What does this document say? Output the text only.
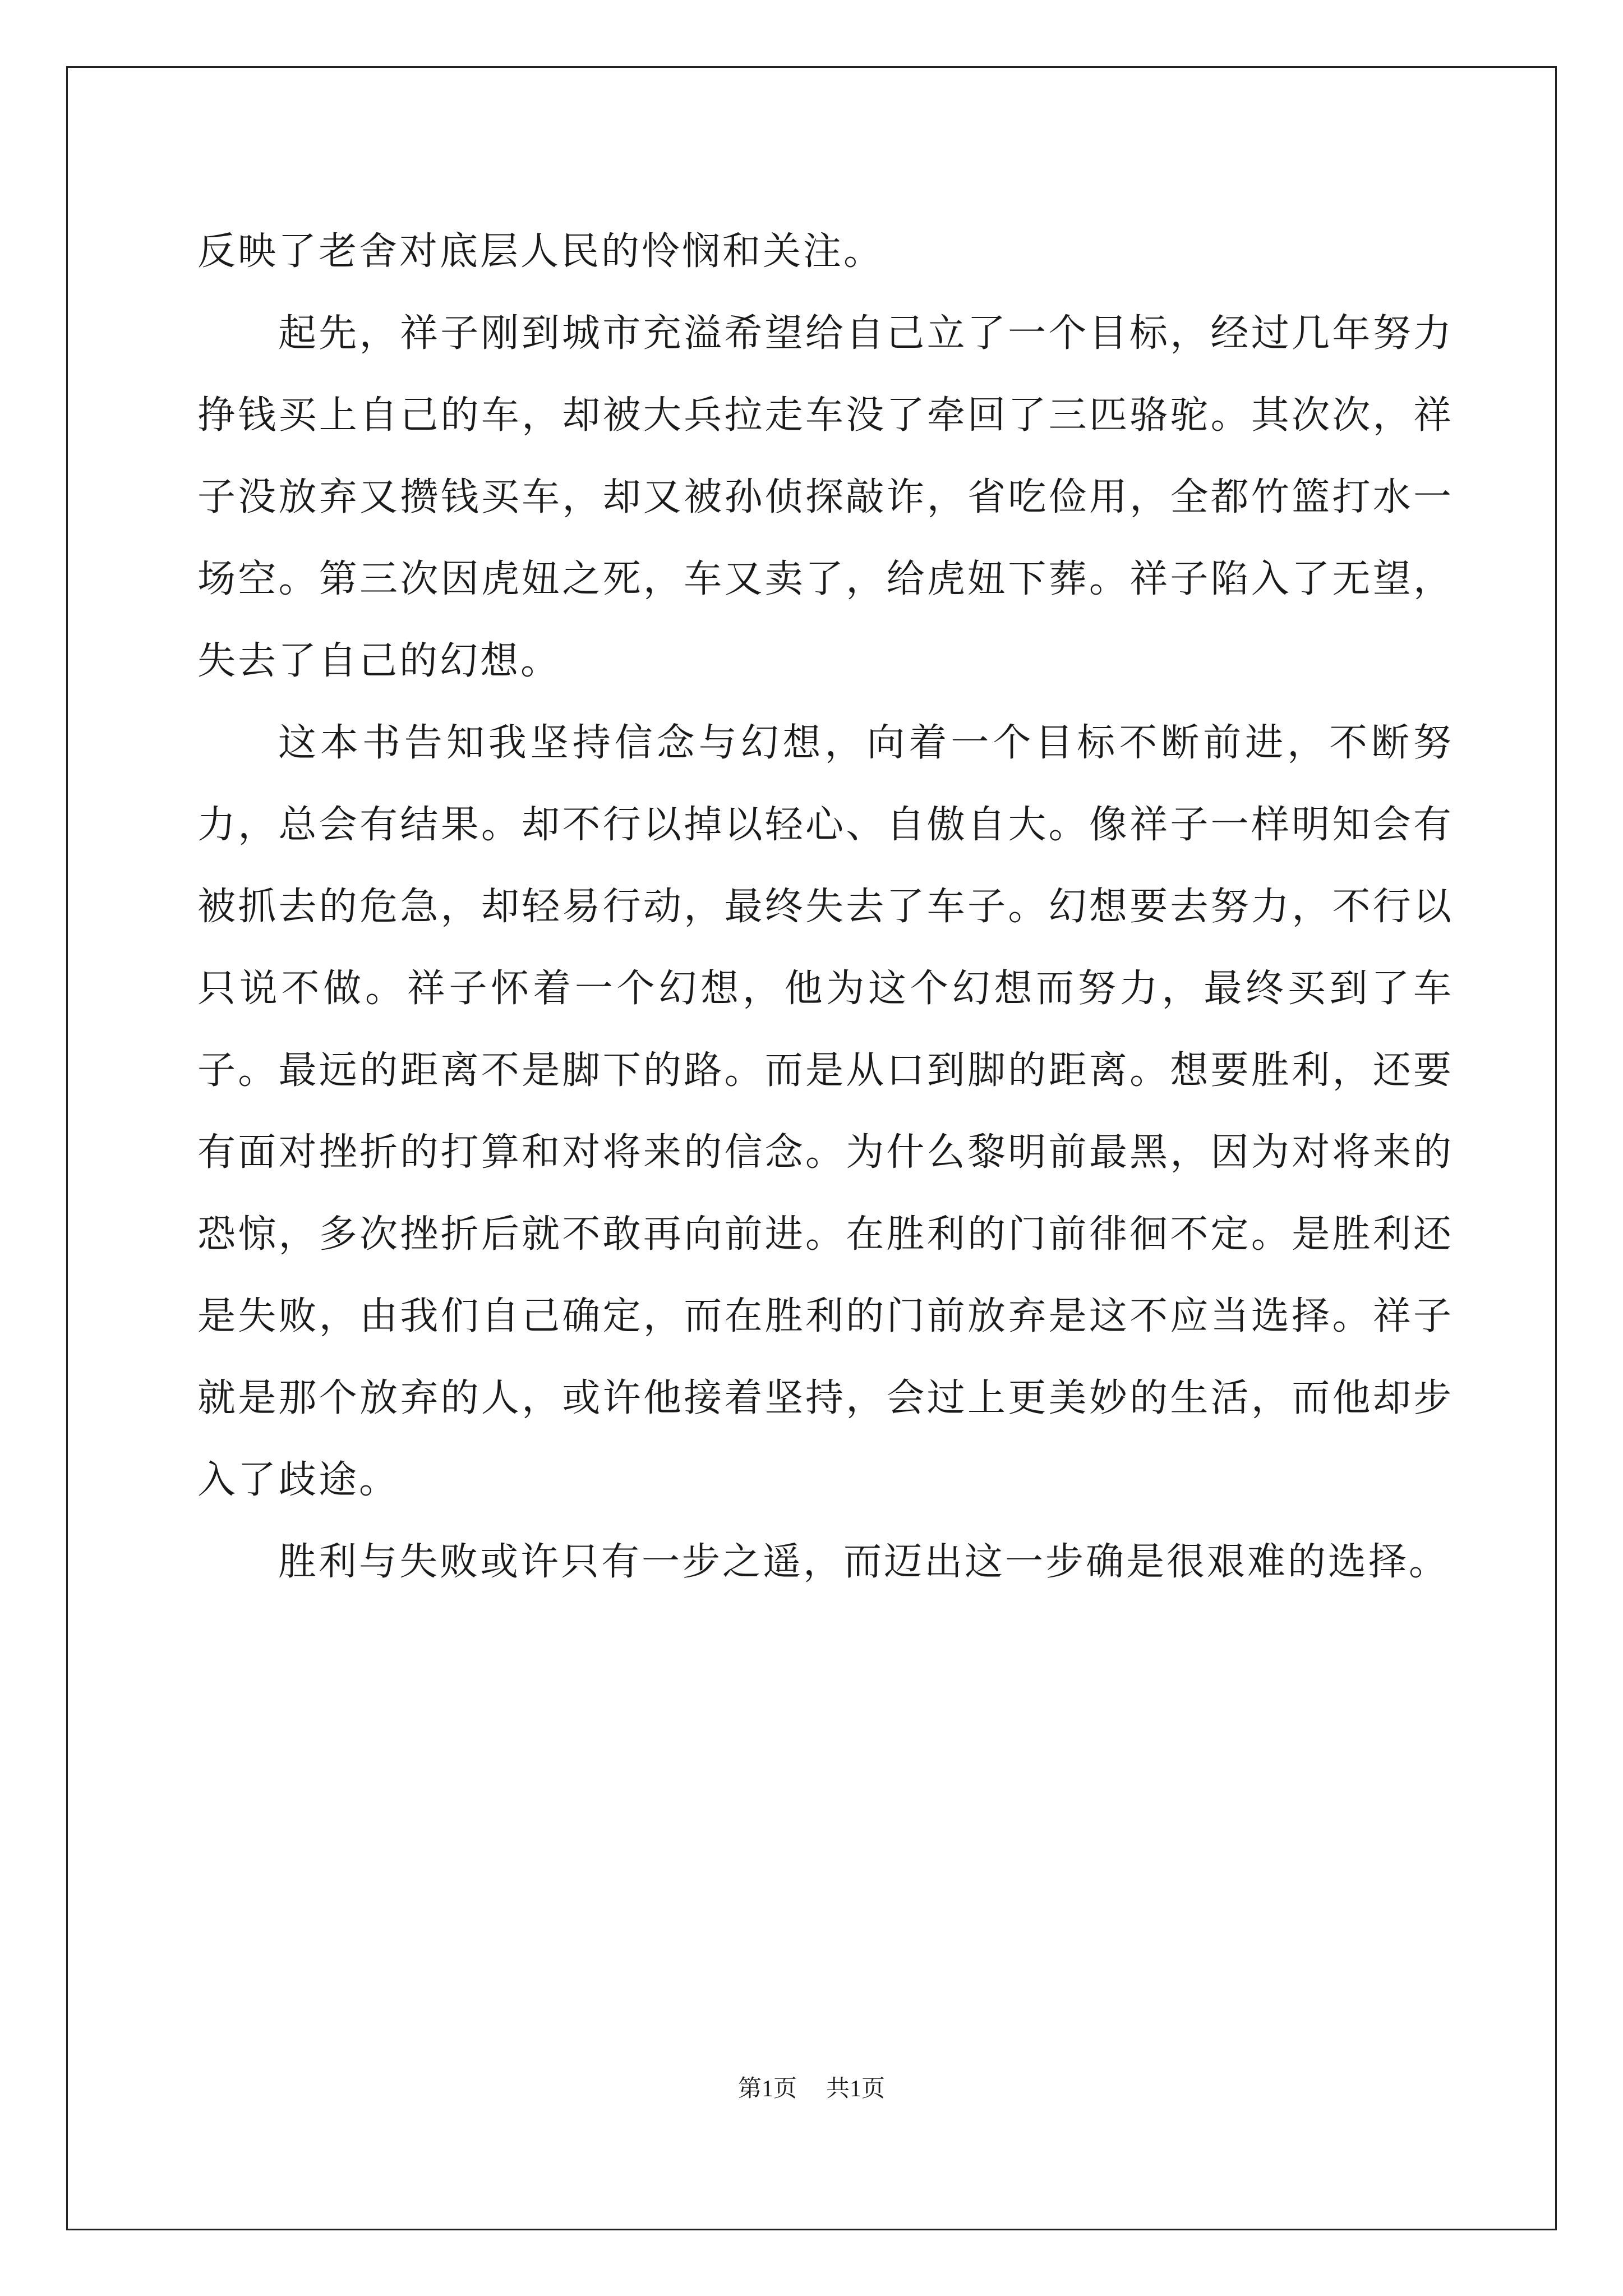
反映了老舍对底层人民的怜悯和关注。

起先，祥子刚到城市充溢希望给自己立了一个目标，经过几年努力挣钱买上自己的车，却被大兵拉走车没了牵回了三匹骆驼。其次次，祥子没放弃又攒钱买车，却又被孙侦探敲诈，省吃俭用，全都竹篮打水一场空。第三次因虎妞之死，车又卖了，给虎妞下葬。祥子陷入了无望，失去了自己的幻想。

这本书告知我坚持信念与幻想，向着一个目标不断前进，不断努力，总会有结果。却不行以掉以轻心、自傲自大。像祥子一样明知会有被抓去的危急，却轻易行动，最终失去了车子。幻想要去努力，不行以只说不做。祥子怀着一个幻想，他为这个幻想而努力，最终买到了车子。最远的距离不是脚下的路。而是从口到脚的距离。想要胜利，还要有面对挫折的打算和对将来的信念。为什么黎明前最黑，因为对将来的恐惊，多次挫折后就不敢再向前进。在胜利的门前徘徊不定。是胜利还是失败，由我们自己确定，而在胜利的门前放弃是这不应当选择。祥子就是那个放弃的人，或许他接着坚持，会过上更美妙的生活，而他却步入了歧途。

胜利与失败或许只有一步之遥，而迈出这一步确是很艰难的选择。

第1页 共1页
